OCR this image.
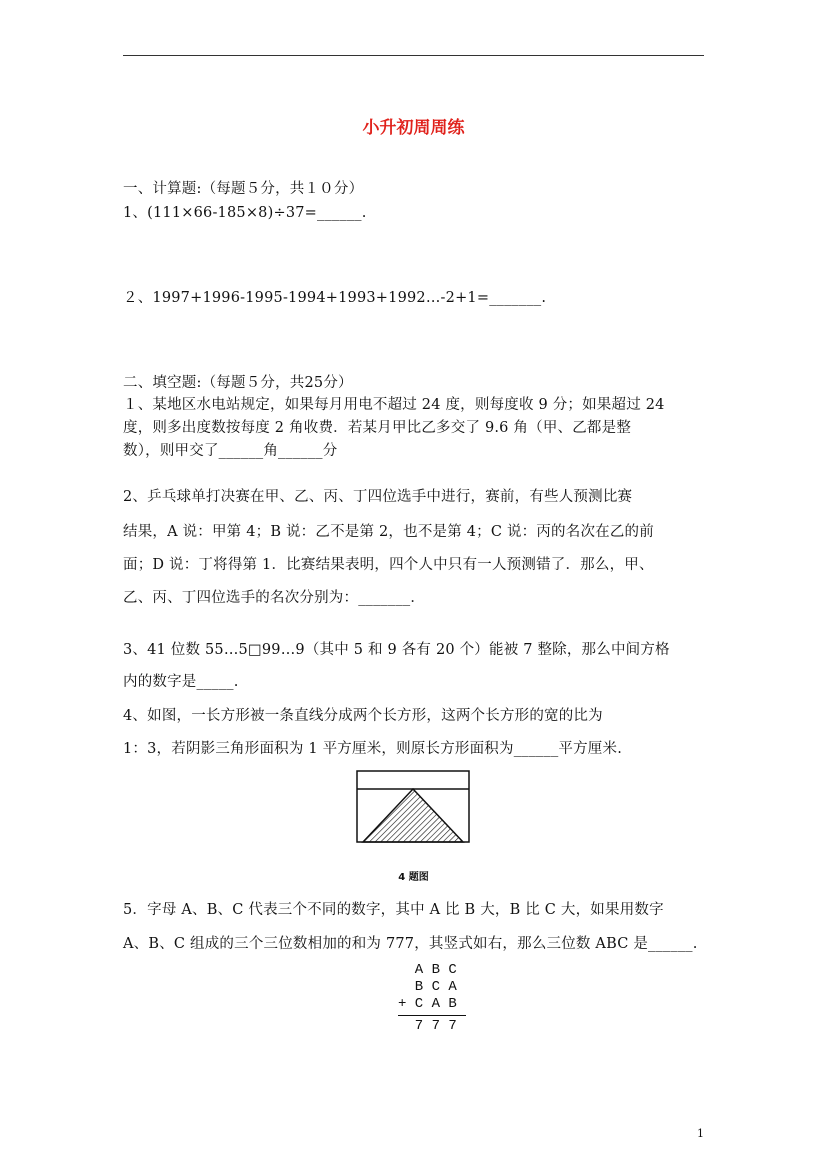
小升初周周练
一、计算题:（每题５分，共１０分）
1、(111×66-185×8)÷37=______.
２、1997+1996-1995-1994+1993+1992…-2+1=_______.
二、填空题:（每题５分，共25分）
１、某地区水电站规定，如果每月用电不超过 24 度，则每度收 9 分；如果超过 24
度，则多出度数按每度 2 角收费．若某月甲比乙多交了 9.6 角（甲、乙都是整
数），则甲交了______角______分
2、乒乓球单打决赛在甲、乙、丙、丁四位选手中进行，赛前，有些人预测比赛
结果，A 说：甲第 4；B 说：乙不是第 2，也不是第 4；C 说：丙的名次在乙的前
面；D 说：丁将得第 1．比赛结果表明，四个人中只有一人预测错了．那么，甲、
乙、丙、丁四位选手的名次分别为：_______．
3、41 位数 55…5□99…9（其中 5 和 9 各有 20 个）能被 7 整除，那么中间方格
内的数字是_____.
4、如图，一长方形被一条直线分成两个长方形，这两个长方形的宽的比为
1：3，若阴影三角形面积为 1 平方厘米，则原长方形面积为______平方厘米.
4 题图
5．字母 A、B、C 代表三个不同的数字，其中 A 比 B 大，B 比 C 大，如果用数字
A、B、C 组成的三个三位数相加的和为 777，其竖式如右，那么三位数 ABC 是______.
A B C
B C A
+ C A B
7 7 7
1
